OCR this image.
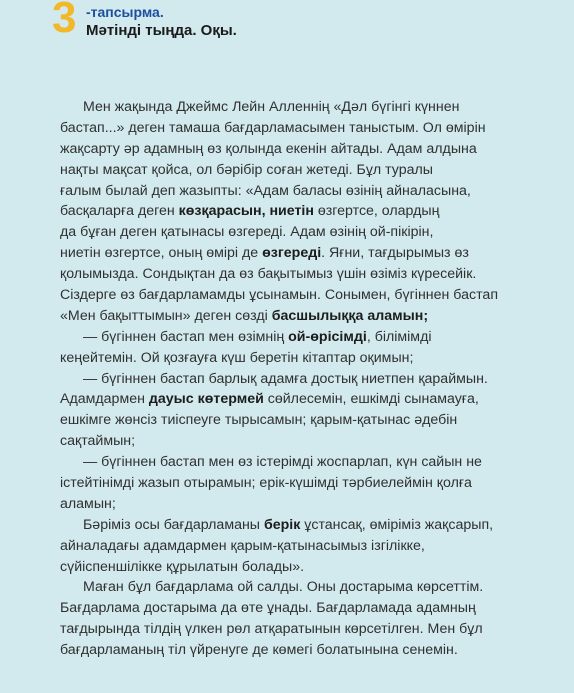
3 -тапсырма.
Мәтінді тыңда. Оқы.
Мен жақында Джеймс Лейн Алленнің «Дәл бүгінгі күннен
бастап...» деген тамаша бағдарламасымен таныстым. Ол өмірін
жақсарту әр адамның өз қолында екенін айтады. Адам алдына
нақты мақсат қойса, ол бәрібір соған жетеді. Бұл туралы
ғалым былай деп жазыпты: «Адам баласы өзінің айналасына,
басқаларға деген көзқарасын, ниетін өзгертсе, олардың
да бұған деген қатынасы өзгереді. Адам өзінің ой-пікірін,
ниетін өзгертсе, оның өмірі де өзгереді. Яғни, тағдырымыз өз
қолымызда. Сондықтан да өз бақытымыз үшін өзіміз күресейік.
Сіздерге өз бағдарламамды ұсынамын. Сонымен, бүгіннен бастап
«Мен бақыттымын» деген сөзді басшылыққа аламын;
— бүгіннен бастап мен өзімнің ой-өрісімді, білімімді
кеңейтемін. Ой қозғауға күш беретін кітаптар оқимын;
— бүгіннен бастап барлық адамға достық ниетпен қараймын.
Адамдармен дауыс көтермей сөйлесемін, ешкімді сынамауға,
ешкімге жөнсіз тиіспеуге тырысамын; қарым-қатынас әдебін
сақтаймын;
— бүгіннен бастап мен өз істерімді жоспарлап, күн сайын не
істейтінімді жазып отырамын; ерік-күшімді тәрбиелеймін қолға
аламын;
Бәріміз осы бағдарламаны берік ұстансақ, өміріміз жақсарып,
айналадағы адамдармен қарым-қатынасымыз ізгілікке,
сүйіспеншілікке құрылатын болады».
Маған бұл бағдарлама ой салды. Оны достарыма көрсеттім.
Бағдарлама достарыма да өте ұнады. Бағдарламада адамның
тағдырында тілдің үлкен рөл атқаратынын көрсетілген. Мен бұл
бағдарламаның тіл үйренуге де көмегі болатынына сенемін.
